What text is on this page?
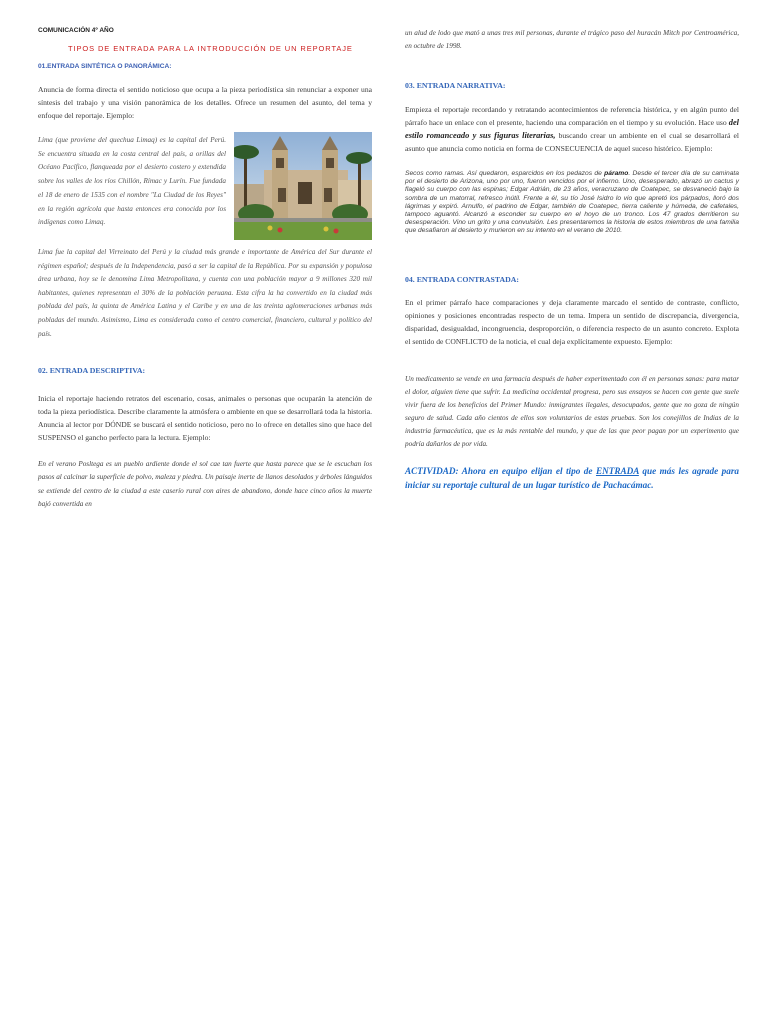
COMUNICACIÓN 4º AÑO
TIPOS DE ENTRADA PARA LA INTRODUCCIÓN DE UN REPORTAJE
01.ENTRADA SINTÉTICA O PANORÁMICA:
Anuncia de forma directa el sentido noticioso que ocupa a la pieza periodística sin renunciar a exponer una síntesis del trabajo y una visión panorámica de los detalles. Ofrece un resumen del asunto, del tema y enfoque del reportaje. Ejemplo:
Lima (que proviene del quechua Limaq) es la capital del Perú. Se encuentra situada en la costa central del país, a orillas del Océano Pacífico, flanqueada por el desierto costero y extendida sobre los valles de los ríos Chillón, Rímac y Lurín. Fue fundada el 18 de enero de 1535 con el nombre "La Ciudad de los Reyes" en la región agrícola que hasta entonces era conocida por los indígenas como Limaq.
Lima fue la capital del Virreinato del Perú y la ciudad más grande e importante de América del Sur durante el régimen español; después de la Independencia, pasó a ser la capital de la República. Por su expansión y populosa área urbana, hoy se le denomina Lima Metropolitana, y cuenta con una población mayor a 9 millones 320 mil habitantes, quienes representan el 30% de la población peruana. Esta cifra la ha convertido en la ciudad más poblada del país, la quinta de América Latina y el Caribe y en una de las treinta aglomeraciones urbanas más pobladas del mundo. Asimismo, Lima es considerada como el centro comercial, financiero, cultural y político del país.
02. ENTRADA DESCRIPTIVA:
Inicia el reportaje haciendo retratos del escenario, cosas, animales o personas que ocuparán la atención de toda la pieza periodística. Describe claramente la atmósfera o ambiente en que se desarrollará toda la historia. Anuncia al lector por DÓNDE se buscará el sentido noticioso, pero no lo ofrece en detalles sino que hace del SUSPENSO el gancho perfecto para la lectura. Ejemplo:
En el verano Posltega es un pueblo ardiente donde el sol cae tan fuerte que hasta parece que se le escuchan los pasos al calcinar la superficie de polvo, maleza y piedra. Un paisaje inerte de llanos desolados y árboles lánguidos se extiende del centro de la ciudad a este caserío rural con aires de abandono, donde hace cinco años la muerte bajó convertida en
un alud de lodo que mató a unas tres mil personas, durante el trágico paso del huracán Mitch por Centroamérica, en octubre de 1998.
03. ENTRADA NARRATIVA:
Empieza el reportaje recordando y retratando acontecimientos de referencia histórica, y en algún punto del párrafo hace un enlace con el presente, haciendo una comparación en el tiempo y su evolución. Hace uso del estilo romanceado y sus figuras literarias, buscando crear un ambiente en el cual se desarrollará el asunto que anuncia como noticia en forma de CONSECUENCIA de aquel suceso histórico. Ejemplo:
Secos como ramas. Así quedaron, esparcidos en los pedazos de páramo. Desde el tercer día de su caminata por el desierto de Arizona, uno por uno, fueron vencidos por el infierno. Uno, desesperado, abrazó un cactus y flageló su cuerpo con las espinas; Edgar Adrián, de 23 años, veracruzano de Coatepec, se desvaneció bajo la sombra de un matorral, refresco inútil. Frente a él, su tío José Isidro lo vio que apretó los párpados, lloró dos lágrimas y expiró. Arnulfo, el padrino de Edgar, también de Coatepec, tierra caliente y húmeda, de cafetales, tampoco aguantó. Alcanzó a esconder su cuerpo en el hoyo de un tronco. Los 47 grados derritieron su desesperación. Vino un grito y una convulsión. Les presentaremos la historia de estos miembros de una familia que desafiaron al desierto y murieron en su intento en el verano de 2010.
04. ENTRADA CONTRASTADA:
En el primer párrafo hace comparaciones y deja claramente marcado el sentido de contraste, conflicto, opiniones y posiciones encontradas respecto de un tema. Impera un sentido de discrepancia, divergencia, disparidad, desigualdad, incongruencia, desproporción, o diferencia respecto de un asunto concreto. Explota el sentido de CONFLICTO de la noticia, el cual deja explícitamente expuesto. Ejemplo:
Un medicamento se vende en una farmacia después de haber experimentado con él en personas sanas: para matar el dolor, alguien tiene que sufrir. La medicina occidental progresa, pero sus ensayos se hacen con gente que suele vivir fuera de los beneficios del Primer Mundo: inmigrantes ilegales, desocupados, gente que no goza de ningún seguro de salud. Cada año cientos de ellos son voluntarios de estas pruebas. Son los conejillos de Indias de la industria farmacéutica, que es la más rentable del mundo, y que de las que peor pagan por un experimento que podría dañarlos de por vida.
ACTIVIDAD: Ahora en equipo elijan el tipo de ENTRADA que más les agrade para iniciar su reportaje cultural de un lugar turístico de Pachacámac.
